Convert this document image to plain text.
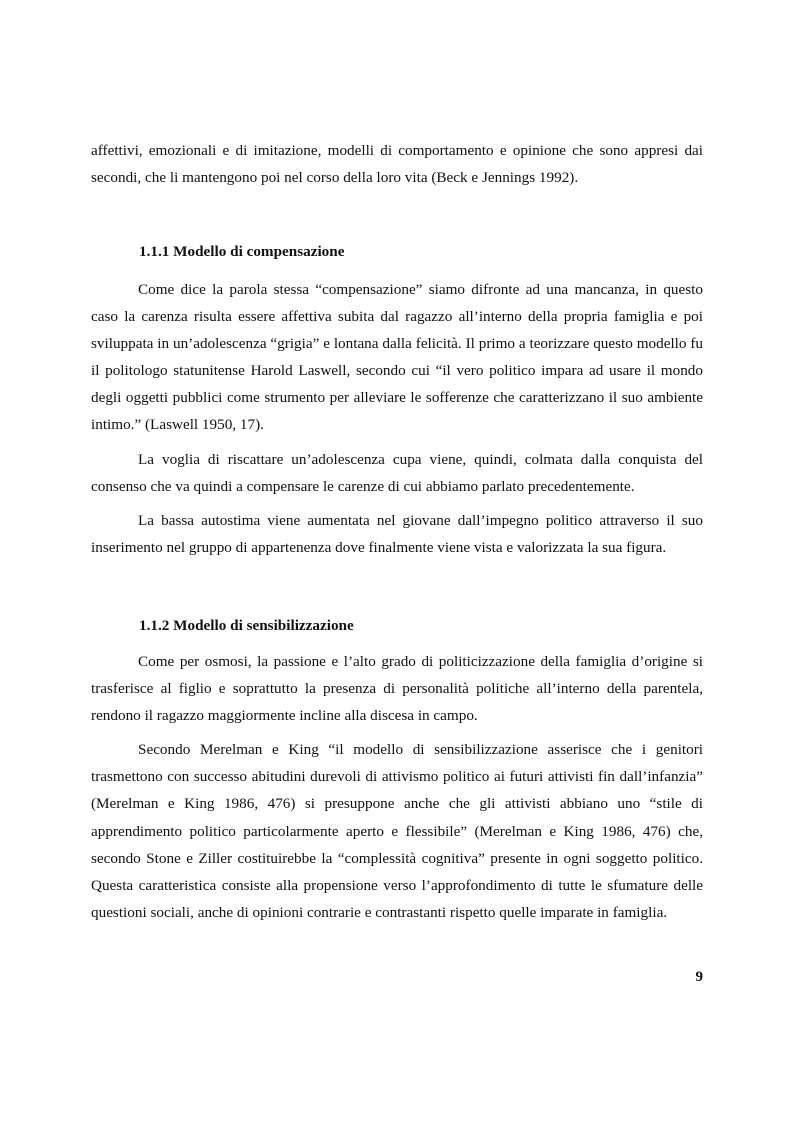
affettivi, emozionali e di imitazione, modelli di comportamento e opinione che sono appresi dai secondi, che li mantengono poi nel corso della loro vita (Beck e Jennings 1992).

1.1.1 Modello di compensazione

Come dice la parola stessa “compensazione” siamo difronte ad una mancanza, in questo caso la carenza risulta essere affettiva subita dal ragazzo all’interno della propria famiglia e poi sviluppata in un’adolescenza “grigia” e lontana dalla felicità. Il primo a teorizzare questo modello fu il politologo statunitense Harold Laswell, secondo cui “il vero politico impara ad usare il mondo degli oggetti pubblici come strumento per alleviare le sofferenze che caratterizzano il suo ambiente intimo.” (Laswell 1950, 17).

La voglia di riscattare un’adolescenza cupa viene, quindi, colmata dalla conquista del consenso che va quindi a compensare le carenze di cui abbiamo parlato precedentemente.

La bassa autostima viene aumentata nel giovane dall’impegno politico attraverso il suo inserimento nel gruppo di appartenenza dove finalmente viene vista e valorizzata la sua figura.

1.1.2 Modello di sensibilizzazione

Come per osmosi, la passione e l’alto grado di politicizzazione della famiglia d’origine si trasferisce al figlio e soprattutto la presenza di personalità politiche all’interno della parentela, rendono il ragazzo maggiormente incline alla discesa in campo.

Secondo Merelman e King “il modello di sensibilizzazione asserisce che i genitori trasmettono con successo abitudini durevoli di attivismo politico ai futuri attivisti fin dall’infanzia” (Merelman e King 1986, 476) si presuppone anche che gli attivisti abbiano uno “stile di apprendimento politico particolarmente aperto e flessibile” (Merelman e King 1986, 476) che, secondo Stone e Ziller costituirebbe la “complessità cognitiva” presente in ogni soggetto politico. Questa caratteristica consiste alla propensione verso l’approfondimento di tutte le sfumature delle questioni sociali, anche di opinioni contrarie e contrastanti rispetto quelle imparate in famiglia.

9
